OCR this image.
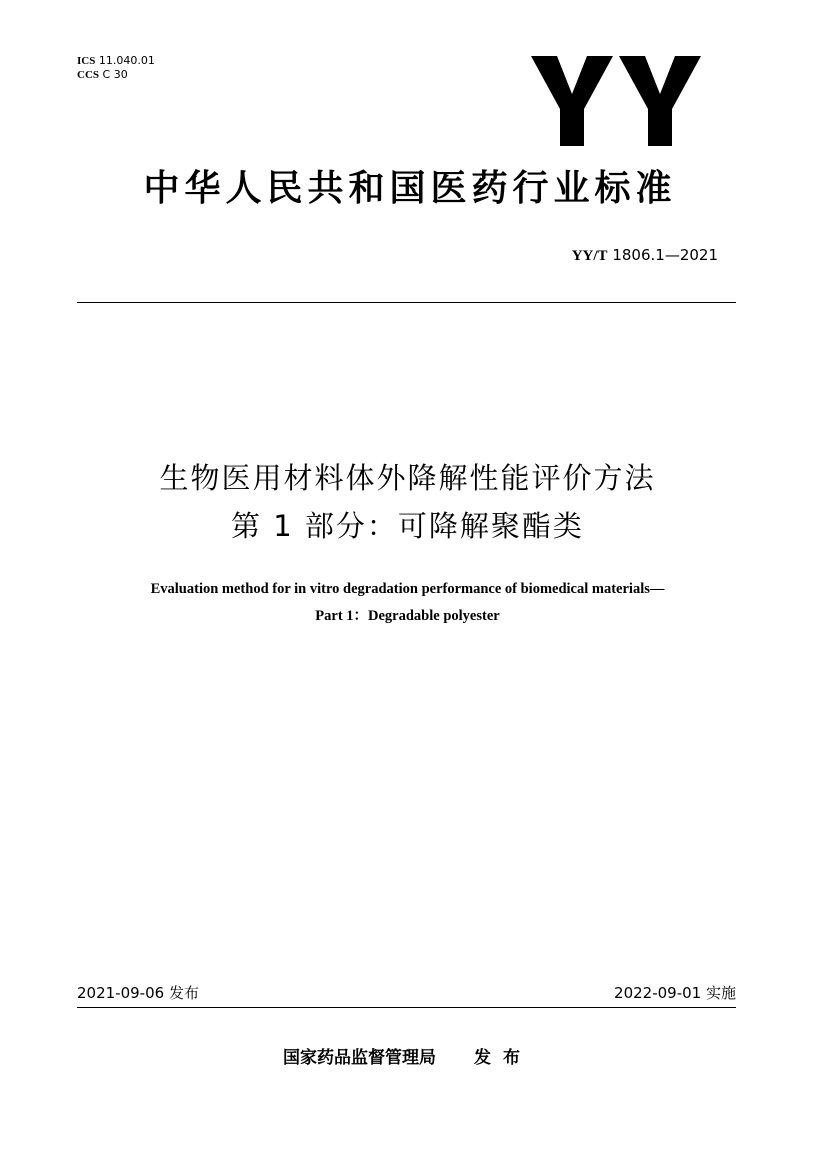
ICS 11.040.01
CCS C 30
中华人民共和国医药行业标准
YY/T 1806.1—2021
生物医用材料体外降解性能评价方法
第 1 部分：可降解聚酯类
Evaluation method for in vitro degradation performance of biomedical materials—
Part 1：Degradable polyester
2021-09-06 发布	2022-09-01 实施
国家药品监督管理局 发布
